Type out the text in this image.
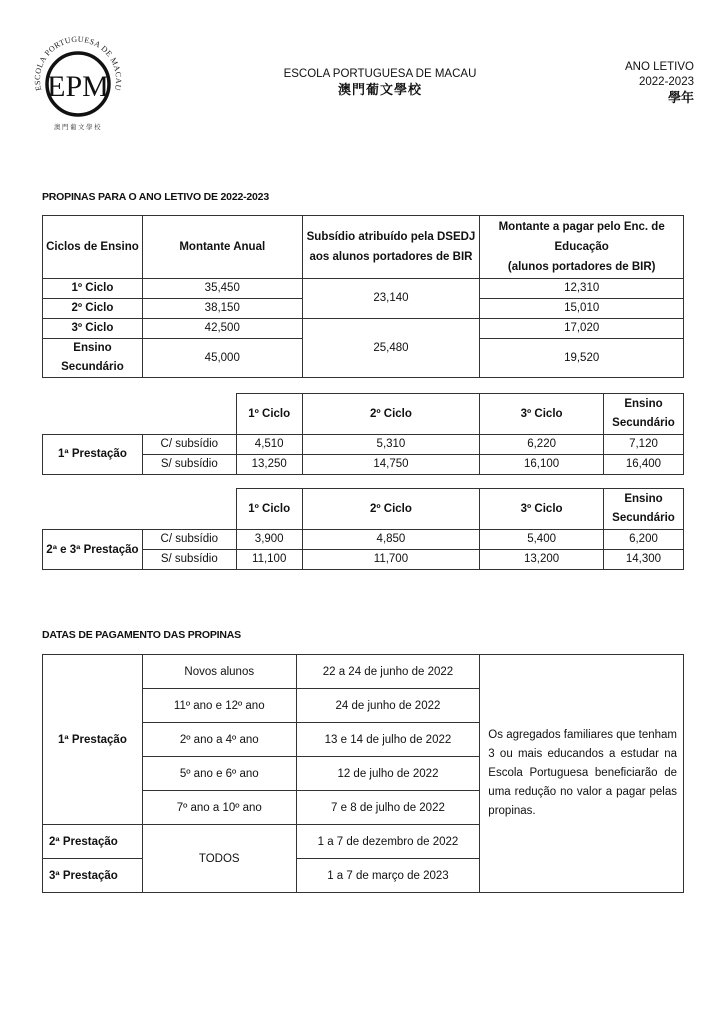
ESCOLA PORTUGUESA DE MACAU
EPM
澳門葡文學校
ESCOLA PORTUGUESA DE MACAU
澳門葡文學校
ANO LETIVO
2022-2023
學年
PROPINAS PARA O ANO LETIVO DE 2022-2023
Ciclos de Ensino	Montante Anual	Subsídio atribuído pela DSEDJ aos alunos portadores de BIR	Montante a pagar pelo Enc. de
Educação
(alunos portadores de BIR)

1º Ciclo	35,450	23,140	12,310
2º Ciclo	38,150		15,010
3º Ciclo	42,500	25,480	17,020
Ensino Secundário	45,000		19,520
		1º Ciclo	2º Ciclo	3º Ciclo	Ensino Secundário
1ª Prestação	C/ subsídio	4,510	5,310	6,220	7,120
	S/ subsídio	13,250	14,750	16,100	16,400
		1º Ciclo	2º Ciclo	3º Ciclo	Ensino Secundário
2ª e 3ª Prestação	C/ subsídio	3,900	4,850	5,400	6,200
	S/ subsídio	11,100	11,700	13,200	14,300
DATAS DE PAGAMENTO DAS PROPINAS
1ª Prestação	Novos alunos	22 a 24 de junho de 2022	Os agregados familiares que tenham 3 ou mais educandos a estudar na Escola Portuguesa beneficiarão de uma redução no valor a pagar pelas propinas.
	11º ano e 12º ano	24 de junho de 2022	
	2º ano a 4º ano	13 e 14 de julho de 2022	
	5º ano e 6º ano	12 de julho de 2022	
	7º ano a 10º ano	7 e 8 de julho de 2022	
2ª Prestação	TODOS	1 a 7 de dezembro de 2022	
3ª Prestação		1 a 7 de março de 2023	
